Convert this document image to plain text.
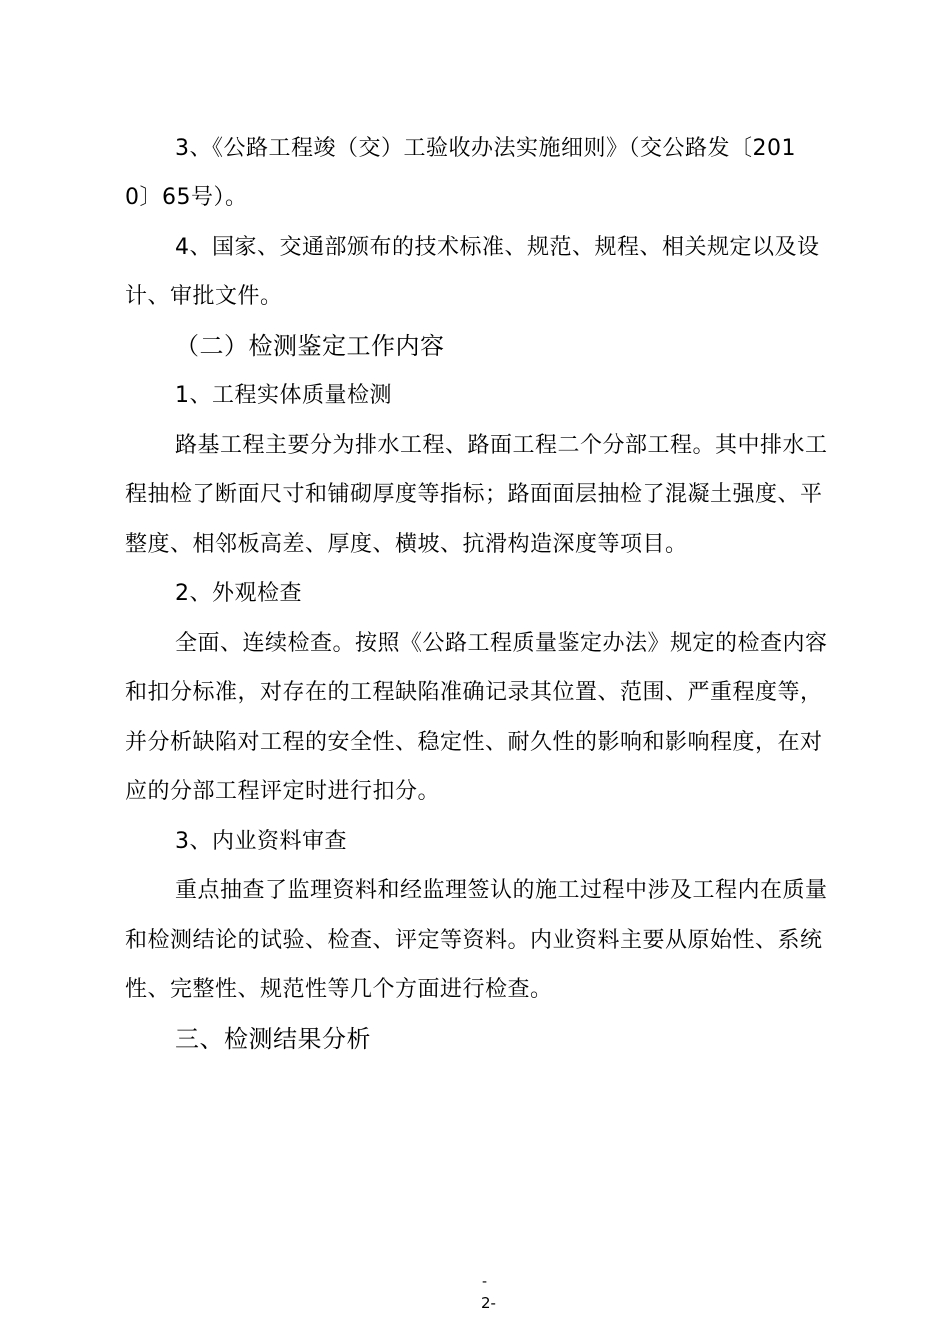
3、《公路工程竣（交）工验收办法实施细则》（交公路发〔201
0〕65号）。
4、国家、交通部颁布的技术标准、规范、规程、相关规定以及设
计、审批文件。
（二）检测鉴定工作内容
1、工程实体质量检测
路基工程主要分为排水工程、路面工程二个分部工程。其中排水工
程抽检了断面尺寸和铺砌厚度等指标；路面面层抽检了混凝土强度、平
整度、相邻板高差、厚度、横坡、抗滑构造深度等项目。
2、外观检查
全面、连续检查。按照《公路工程质量鉴定办法》规定的检查内容
和扣分标准，对存在的工程缺陷准确记录其位置、范围、严重程度等，
并分析缺陷对工程的安全性、稳定性、耐久性的影响和影响程度，在对
应的分部工程评定时进行扣分。
3、内业资料审查
重点抽查了监理资料和经监理签认的施工过程中涉及工程内在质量
和检测结论的试验、检查、评定等资料。内业资料主要从原始性、系统
性、完整性、规范性等几个方面进行检查。
三、检测结果分析
-
2-
